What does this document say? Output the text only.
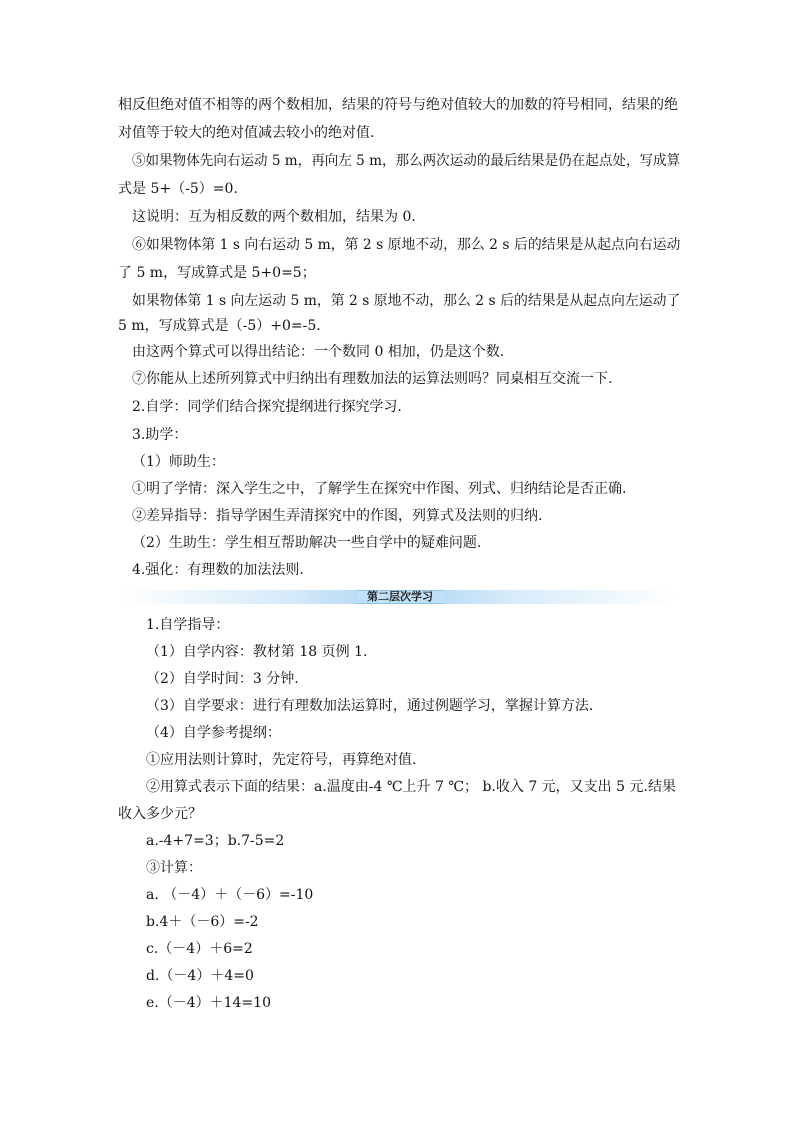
相反但绝对值不相等的两个数相加，结果的符号与绝对值较大的加数的符号相同，结果的绝
对值等于较大的绝对值减去较小的绝对值.
⑤如果物体先向右运动 5 m，再向左 5 m，那么两次运动的最后结果是仍在起点处，写成算
式是 5+（-5）=0.
这说明：互为相反数的两个数相加，结果为 0.
⑥如果物体第 1 s 向右运动 5 m，第 2 s 原地不动，那么 2 s 后的结果是从起点向右运动
了 5 m，写成算式是 5+0=5；
如果物体第 1 s 向左运动 5 m，第 2 s 原地不动，那么 2 s 后的结果是从起点向左运动了
5 m，写成算式是（-5）+0=-5.
由这两个算式可以得出结论：一个数同 0 相加，仍是这个数.
⑦你能从上述所列算式中归纳出有理数加法的运算法则吗？同桌相互交流一下.
2.自学：同学们结合探究提纲进行探究学习.
3.助学：
（1）师助生：
①明了学情：深入学生之中，了解学生在探究中作图、列式、归纳结论是否正确.
②差异指导：指导学困生弄清探究中的作图，列算式及法则的归纳.
（2）生助生：学生相互帮助解决一些自学中的疑难问题.
4.强化：有理数的加法法则.
第二层次学习
1.自学指导：
（1）自学内容：教材第 18 页例 1.
（2）自学时间：3 分钟.
（3）自学要求：进行有理数加法运算时，通过例题学习，掌握计算方法.
（4）自学参考提纲：
①应用法则计算时，先定符号，再算绝对值.
②用算式表示下面的结果：a.温度由-4 ℃上升 7 ℃； b.收入 7 元，又支出 5 元.结果
收入多少元？
a.-4+7=3；b.7-5=2
③计算：
a. （－4）＋（－6）=-10
b.4＋（－6）=-2
c.（－4）＋6=2
d.（－4）＋4=0
e.（－4）＋14=10
